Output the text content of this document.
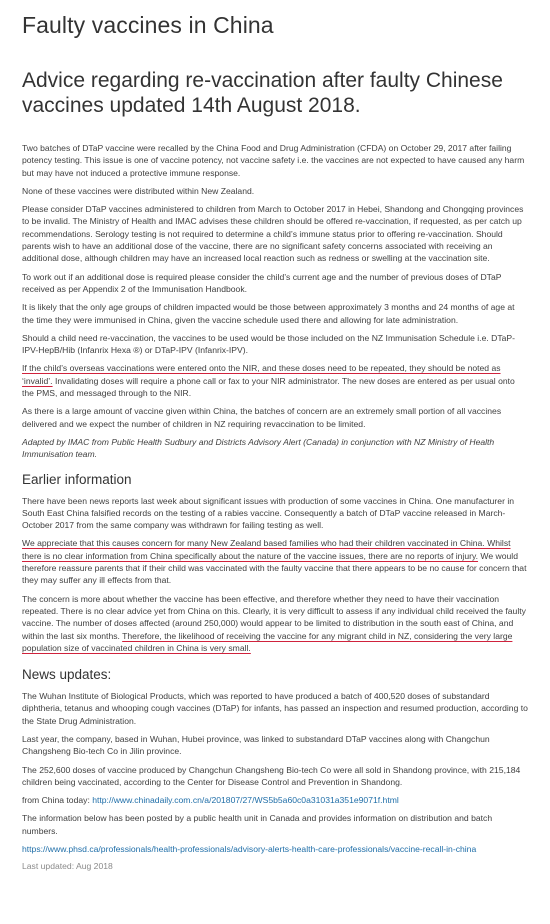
Faulty vaccines in China
Advice regarding re-vaccination after faulty Chinese vaccines updated 14th August 2018.

Two batches of DTaP vaccine were recalled by the China Food and Drug Administration (CFDA) on October 29, 2017 after failing potency testing. This issue is one of vaccine potency, not vaccine safety i.e. the vaccines are not expected to have caused any harm but may have not induced a protective immune response.

None of these vaccines were distributed within New Zealand.

Please consider DTaP vaccines administered to children from March to October 2017 in Hebei, Shandong and Chongqing provinces to be invalid. The Ministry of Health and IMAC advises these children should be offered re-vaccination, if requested, as per catch up recommendations. Serology testing is not required to determine a child’s immune status prior to offering re-vaccination. Should parents wish to have an additional dose of the vaccine, there are no significant safety concerns associated with receiving an additional dose, although children may have an increased local reaction such as redness or swelling at the vaccination site.

To work out if an additional dose is required please consider the child’s current age and the number of previous doses of DTaP received as per Appendix 2 of the Immunisation Handbook.

It is likely that the only age groups of children impacted would be those between approximately 3 months and 24 months of age at the time they were immunised in China, given the vaccine schedule used there and allowing for late administration.

Should a child need re-vaccination, the vaccines to be used would be those included on the NZ Immunisation Schedule i.e. DTaP-IPV-HepB/Hib (Infanrix Hexa ®) or DTaP-IPV (Infanrix-IPV).

If the child’s overseas vaccinations were entered onto the NIR, and these doses need to be repeated, they should be noted as ‘invalid’. Invalidating doses will require a phone call or fax to your NIR administrator. The new doses are entered as per usual onto the PMS, and messaged through to the NIR.

As there is a large amount of vaccine given within China, the batches of concern are an extremely small portion of all vaccines delivered and we expect the number of children in NZ requiring revaccination to be limited.

Adapted by IMAC from Public Health Sudbury and Districts Advisory Alert (Canada) in conjunction with NZ Ministry of Health Immunisation team.

Earlier information

There have been news reports last week about significant issues with production of some vaccines in China. One manufacturer in South East China falsified records on the testing of a rabies vaccine. Consequently a batch of DTaP vaccine released in March-October 2017 from the same company was withdrawn for failing testing as well.

We appreciate that this causes concern for many New Zealand based families who had their children vaccinated in China. Whilst there is no clear information from China specifically about the nature of the vaccine issues, there are no reports of injury. We would therefore reassure parents that if their child was vaccinated with the faulty vaccine that there appears to be no cause for concern that they may suffer any ill effects from that.

The concern is more about whether the vaccine has been effective, and therefore whether they need to have their vaccination repeated. There is no clear advice yet from China on this. Clearly, it is very difficult to assess if any individual child received the faulty vaccine. The number of doses affected (around 250,000) would appear to be limited to distribution in the south east of China, and within the last six months. Therefore, the likelihood of receiving the vaccine for any migrant child in NZ, considering the very large population size of vaccinated children in China is very small.

News updates:

The Wuhan Institute of Biological Products, which was reported to have produced a batch of 400,520 doses of substandard diphtheria, tetanus and whooping cough vaccines (DTaP) for infants, has passed an inspection and resumed production, according to the State Drug Administration.

Last year, the company, based in Wuhan, Hubei province, was linked to substandard DTaP vaccines along with Changchun Changsheng Bio-tech Co in Jilin province.

The 252,600 doses of vaccine produced by Changchun Changsheng Bio-tech Co were all sold in Shandong province, with 215,184 children being vaccinated, according to the Center for Disease Control and Prevention in Shandong.

from China today: http://www.chinadaily.com.cn/a/201807/27/WS5b5a60c0a31031a351e9071f.html

The information below has been posted by a public health unit in Canada and provides information on distribution and batch numbers.

https://www.phsd.ca/professionals/health-professionals/advisory-alerts-health-care-professionals/vaccine-recall-in-china

Last updated: Aug 2018
